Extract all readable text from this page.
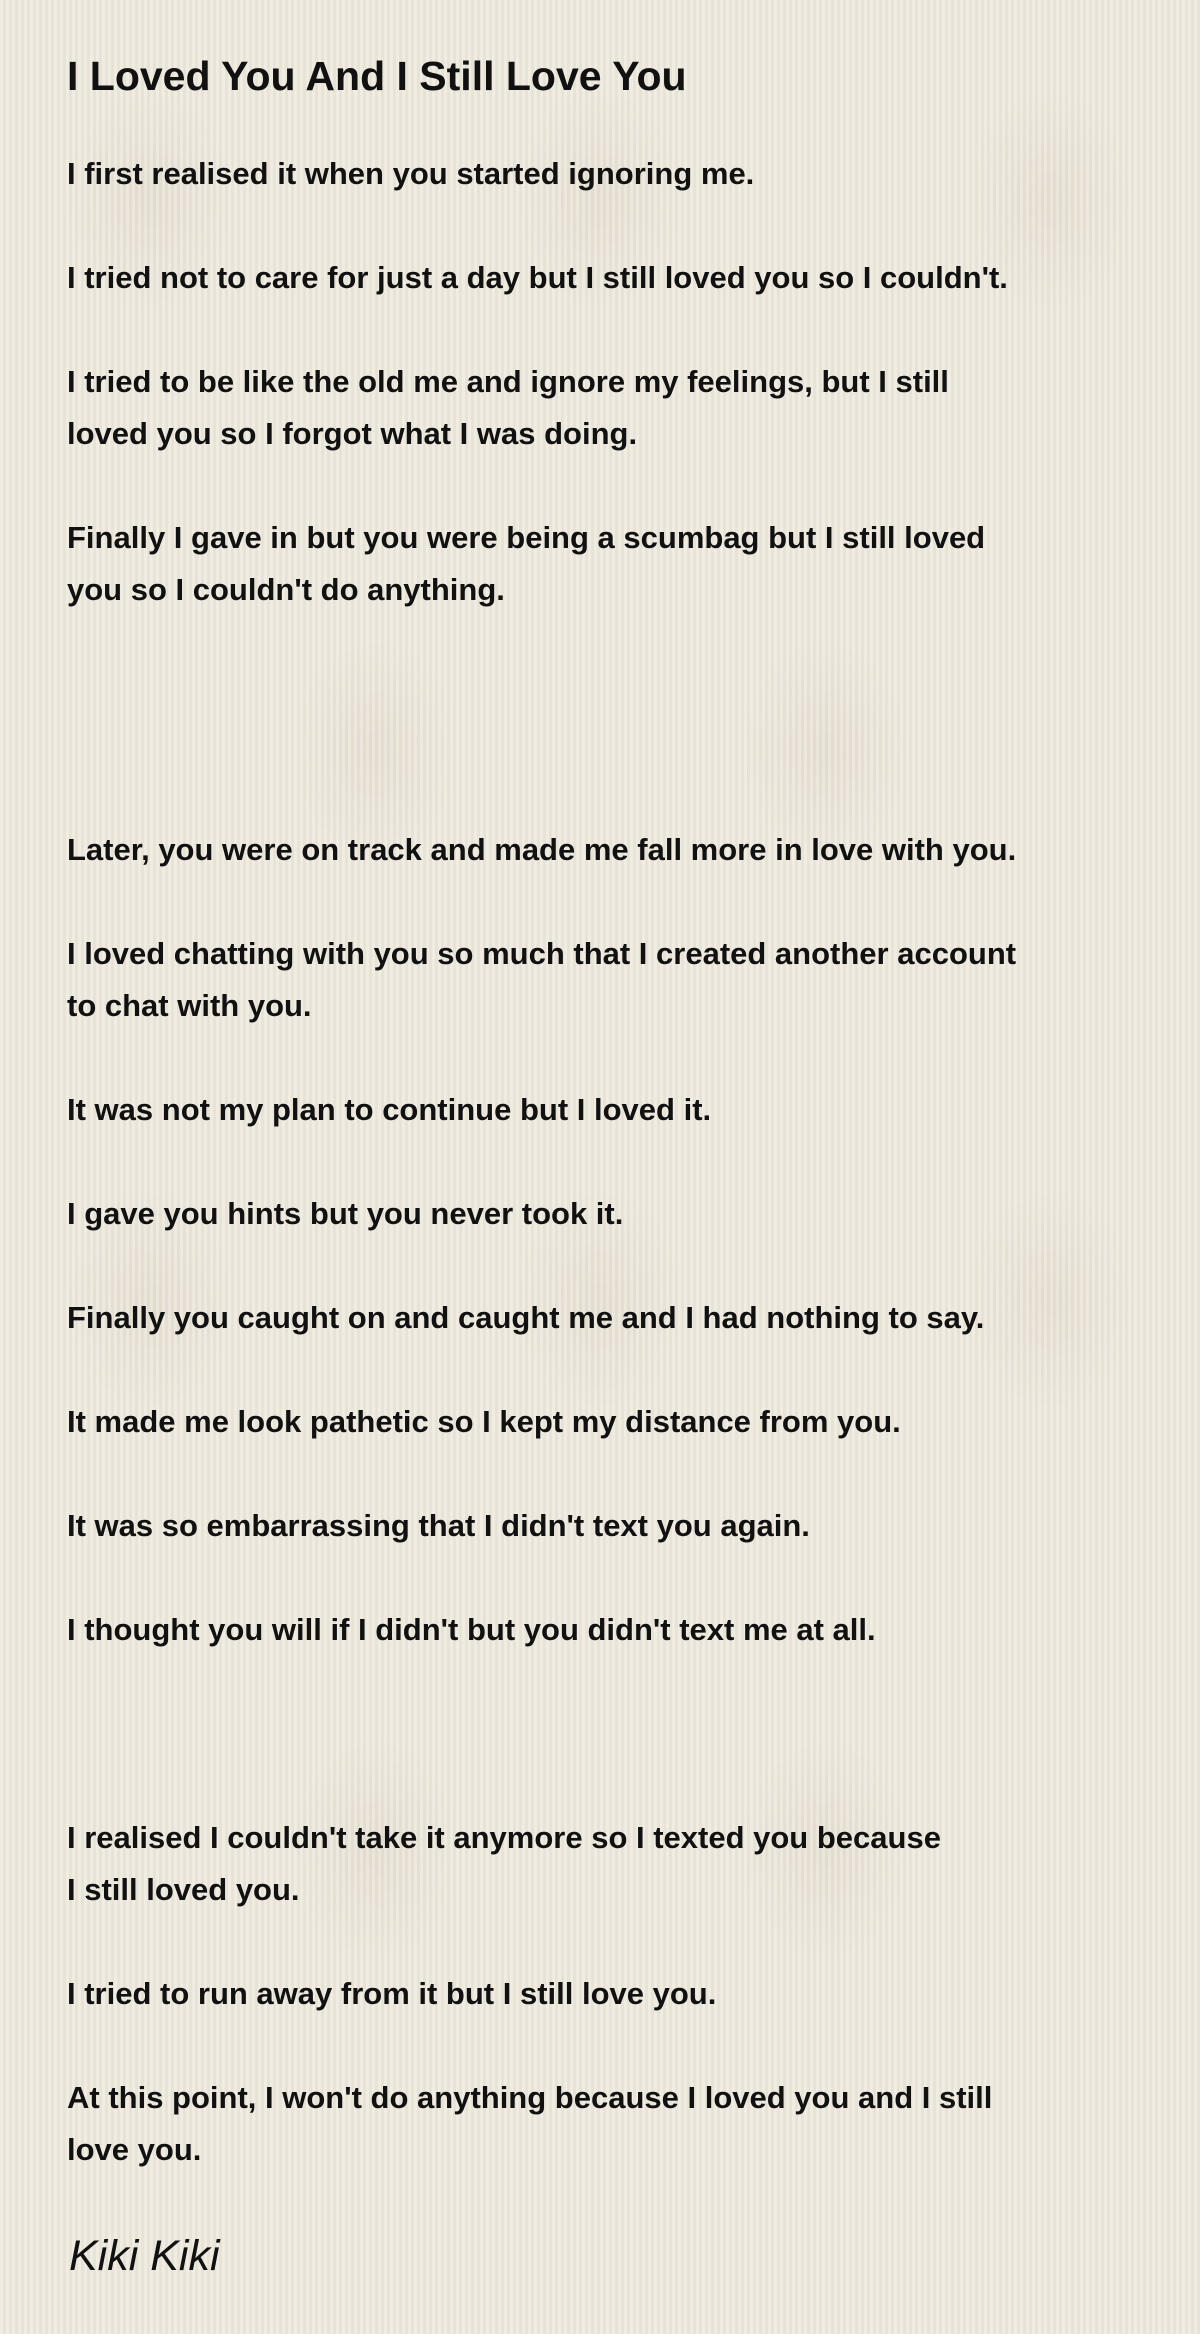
I Loved You And I Still Love You
I first realised it when you started ignoring me.
I tried not to care for just a day but I still loved you so I couldn't.
I tried to be like the old me and ignore my feelings, but I still
loved you so I forgot what I was doing.
Finally I gave in but you were being a scumbag but I still loved
you so I couldn't do anything.
Later, you were on track and made me fall more in love with you.
I loved chatting with you so much that I created another account
to chat with you.
It was not my plan to continue but I loved it.
I gave you hints but you never took it.
Finally you caught on and caught me and I had nothing to say.
It made me look pathetic so I kept my distance from you.
It was so embarrassing that I didn't text you again.
I thought you will if I didn't but you didn't text me at all.
I realised I couldn't take it anymore so I texted you because
I still loved you.
I tried to run away from it but I still love you.
At this point, I won't do anything because I loved you and I still
love you.
Kiki Kiki
